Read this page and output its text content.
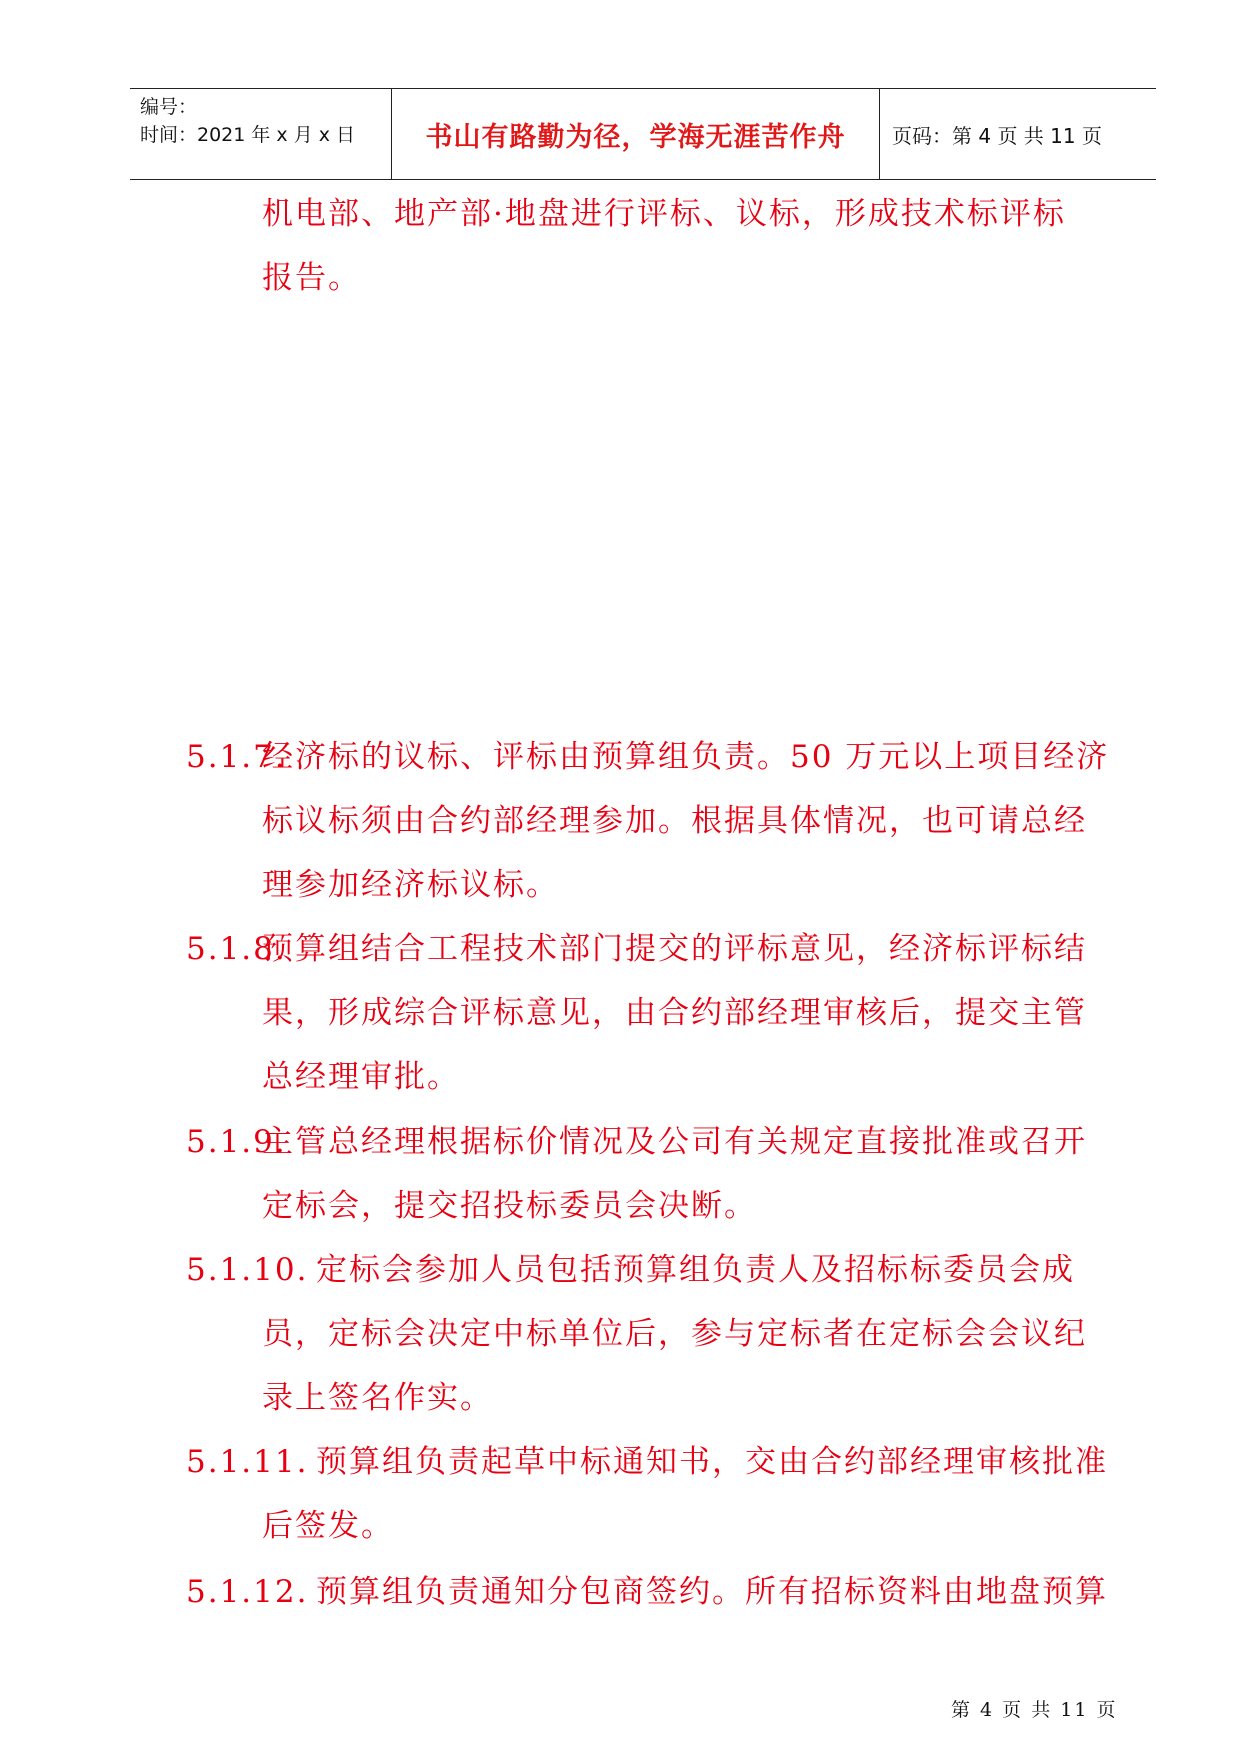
编号：
时间：2021 年 x 月 x 日	书山有路勤为径，学海无涯苦作舟	页码：第 4 页 共 11 页
机电部、地产部·地盘进行评标、议标，形成技术标评标
报告。
5.1.7.
经济标的议标、评标由预算组负责。50 万元以上项目经济
标议标须由合约部经理参加。根据具体情况，也可请总经
理参加经济标议标。
5.1.8.
预算组结合工程技术部门提交的评标意见，经济标评标结
果，形成综合评标意见，由合约部经理审核后，提交主管
总经理审批。
5.1.9.
主管总经理根据标价情况及公司有关规定直接批准或召开
定标会，提交招投标委员会决断。
5.1.10. 定标会参加人员包括预算组负责人及招标标委员会成
员，定标会决定中标单位后，参与定标者在定标会会议纪
录上签名作实。
5.1.11. 预算组负责起草中标通知书，交由合约部经理审核批准
后签发。
5.1.12. 预算组负责通知分包商签约。所有招标资料由地盘预算
第 4 页 共 11 页
